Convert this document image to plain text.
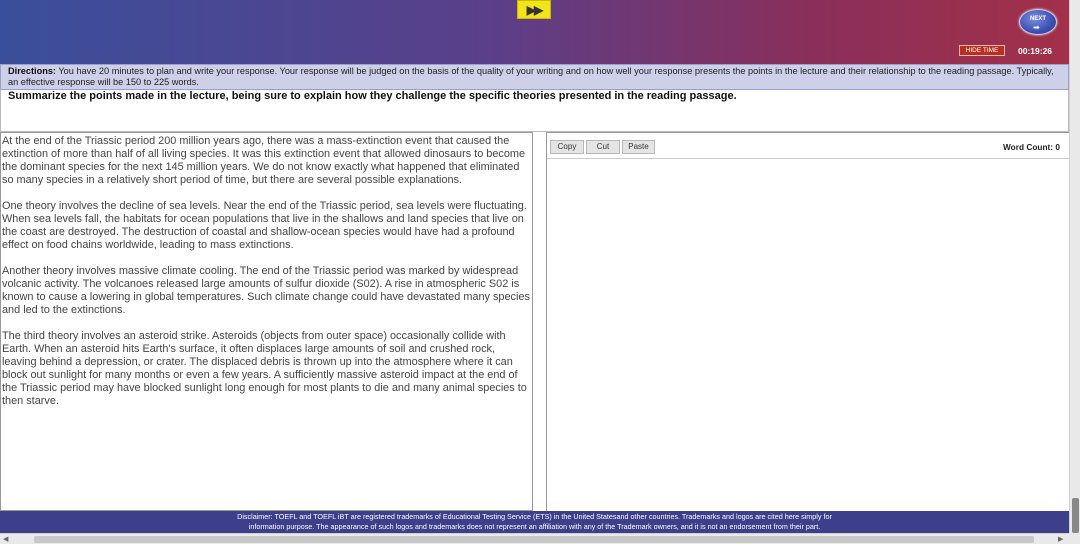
▶▶
NEXT
➡
HIDE TIME	00:19:26
Directions: You have 20 minutes to plan and write your response. Your response will be judged on the basis of the quality of your writing and on how well your response presents the points in the lecture and their relationship to the reading passage. Typically, an effective response will be 150 to 225 words.
Summarize the points made in the lecture, being sure to explain how they challenge the specific theories presented in the reading passage.

At the end of the Triassic period 200 million years ago, there was a mass-extinction event that caused the extinction of more than half of all living species. It was this extinction event that allowed dinosaurs to become the dominant species for the next 145 million years. We do not know exactly what happened that eliminated so many species in a relatively short period of time, but there are several possible explanations.

One theory involves the decline of sea levels. Near the end of the Triassic period, sea levels were fluctuating. When sea levels fall, the habitats for ocean populations that live in the shallows and land species that live on the coast are destroyed. The destruction of coastal and shallow-ocean species would have had a profound effect on food chains worldwide, leading to mass extinctions.

Another theory involves massive climate cooling. The end of the Triassic period was marked by widespread volcanic activity. The volcanoes released large amounts of sulfur dioxide (S02). A rise in atmospheric S02 is known to cause a lowering in global temperatures. Such climate change could have devastated many species and led to the extinctions.

The third theory involves an asteroid strike. Asteroids (objects from outer space) occasionally collide with Earth. When an asteroid hits Earth's surface, it often displaces large amounts of soil and crushed rock, leaving behind a depression, or crater. The displaced debris is thrown up into the atmosphere where it can block out sunlight for many months or even a few years. A sufficiently massive asteroid impact at the end of the Triassic period may have blocked sunlight long enough for most plants to die and many animal species to then starve.

Copy	Cut	Paste	Word Count: 0
Disclaimer: TOEFL and TOEFL iBT are registered trademarks of Educational Testing Service (ETS) in the United Statesand other countries. Trademarks and logos are cited here simply for
information purpose. The appearance of such logos and trademarks does not represent an affiliation with any of the Trademark owners, and it is not an endorsement from their part.
◀	▶
